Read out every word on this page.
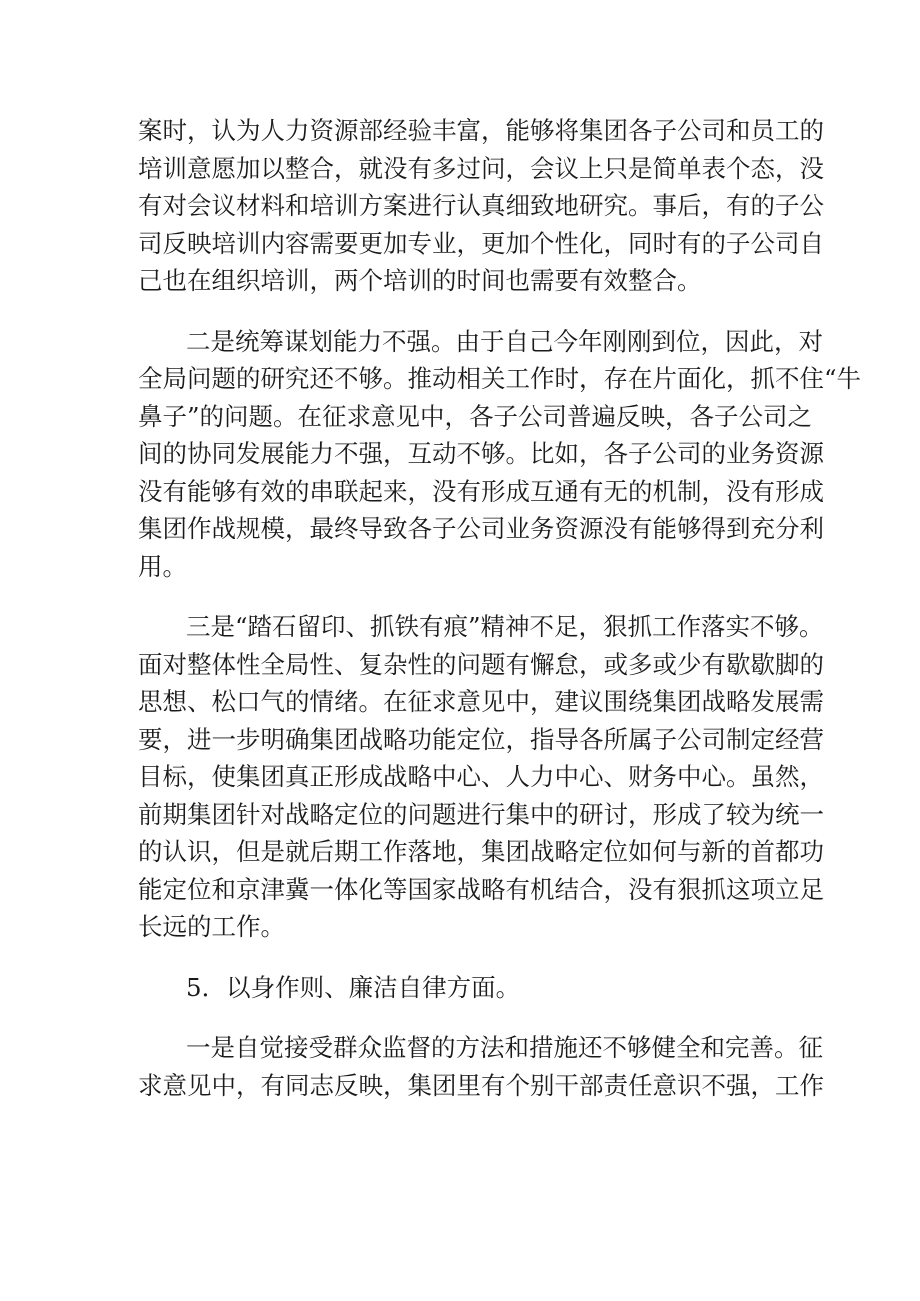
案时，认为人力资源部经验丰富，能够将集团各子公司和员工的
培训意愿加以整合，就没有多过问，会议上只是简单表个态，没
有对会议材料和培训方案进行认真细致地研究。事后，有的子公
司反映培训内容需要更加专业，更加个性化，同时有的子公司自
己也在组织培训，两个培训的时间也需要有效整合。

二是统筹谋划能力不强。由于自己今年刚刚到位，因此，对
全局问题的研究还不够。推动相关工作时，存在片面化，抓不住“牛
鼻子”的问题。在征求意见中，各子公司普遍反映，各子公司之
间的协同发展能力不强，互动不够。比如，各子公司的业务资源
没有能够有效的串联起来，没有形成互通有无的机制，没有形成
集团作战规模，最终导致各子公司业务资源没有能够得到充分利
用。

三是“踏石留印、抓铁有痕”精神不足，狠抓工作落实不够。
面对整体性全局性、复杂性的问题有懈怠，或多或少有歇歇脚的
思想、松口气的情绪。在征求意见中，建议围绕集团战略发展需
要，进一步明确集团战略功能定位，指导各所属子公司制定经营
目标，使集团真正形成战略中心、人力中心、财务中心。虽然，
前期集团针对战略定位的问题进行集中的研讨，形成了较为统一
的认识，但是就后期工作落地，集团战略定位如何与新的首都功
能定位和京津冀一体化等国家战略有机结合，没有狠抓这项立足
长远的工作。

5．以身作则、廉洁自律方面。

一是自觉接受群众监督的方法和措施还不够健全和完善。征
求意见中，有同志反映，集团里有个别干部责任意识不强，工作
